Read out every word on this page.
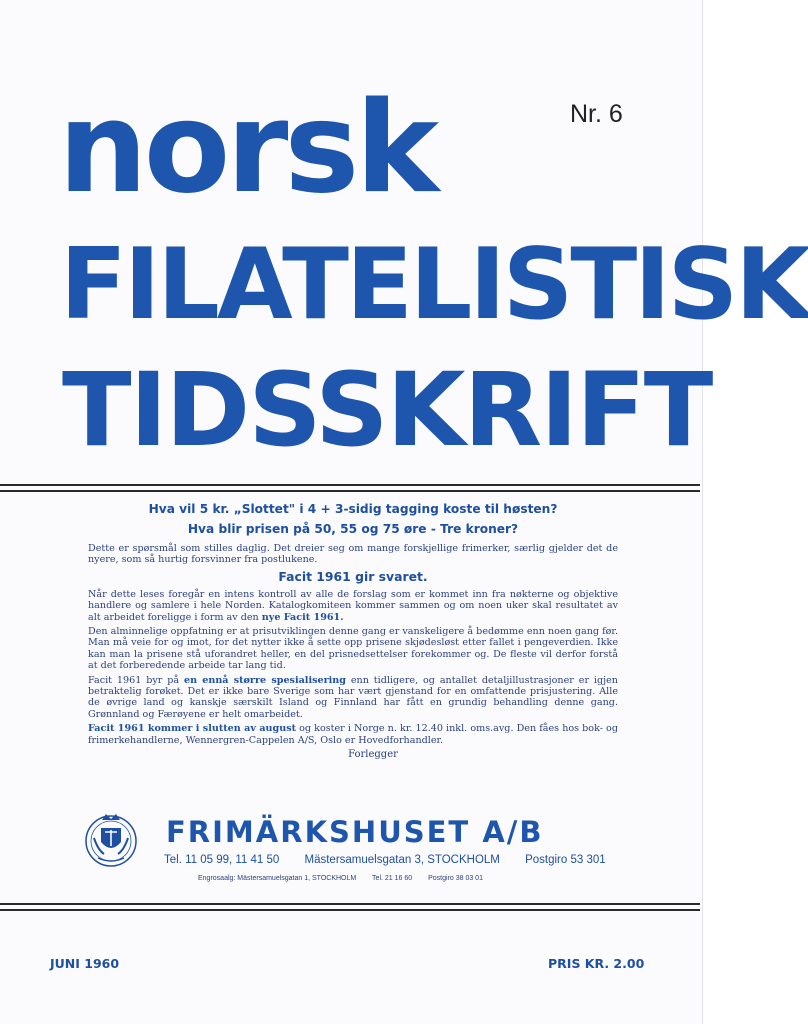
norsk
FILATELISTISK
TIDSSKRIFT
Nr. 6

Hva vil 5 kr. „Slottet" i 4 + 3-sidig tagging koste til høsten?

Hva blir prisen på 50, 55 og 75 øre - Tre kroner?

Dette er spørsmål som stilles daglig. Det dreier seg om mange forskjellige frimerker, særlig gjelder det de nyere, som så hurtig forsvinner fra postlukene.

Facit 1961 gir svaret.

Når dette leses foregår en intens kontroll av alle de forslag som er kommet inn fra nøkterne og objektive handlere og samlere i hele Norden. Katalogkomiteen kommer sammen og om noen uker skal resultatet av alt arbeidet foreligge i form av den nye Facit 1961.

Den alminnelige oppfatning er at prisutviklingen denne gang er vanskeligere å bedømme enn noen gang før. Man må veie for og imot, for det nytter ikke å sette opp prisene skjødesløst etter fallet i pengeverdien. Ikke kan man la prisene stå uforandret heller, en del prisnedsettelser forekommer og. De fleste vil derfor forstå at det forberedende arbeide tar lang tid.

Facit 1961 byr på en ennå større spesialisering enn tidligere, og antallet detaljillustrasjoner er igjen betraktelig forøket. Det er ikke bare Sverige som har vært gjenstand for en omfattende prisjustering. Alle de øvrige land og kanskje særskilt Island og Finnland har fått en grundig behandling denne gang. Grønnland og Færøyene er helt omarbeidet.

Facit 1961 kommer i slutten av august og koster i Norge n. kr. 12.40 inkl. oms.avg. Den fåes hos bok- og frimerkehandlerne, Wennergren-Cappelen A/S, Oslo er Hovedforhandler.

Forlegger

FRIMÄRKSHUSET A/B

Tel. 11 05 99, 11 41 50 Mästersamuelsgatan 3, STOCKHOLM Postgiro 53 301

Engrosaalg: Mästersamuelsgatan 1, STOCKHOLM Tel. 21 16 60 Postgiro 38 03 01

JUNI 1960	PRIS KR. 2.00
